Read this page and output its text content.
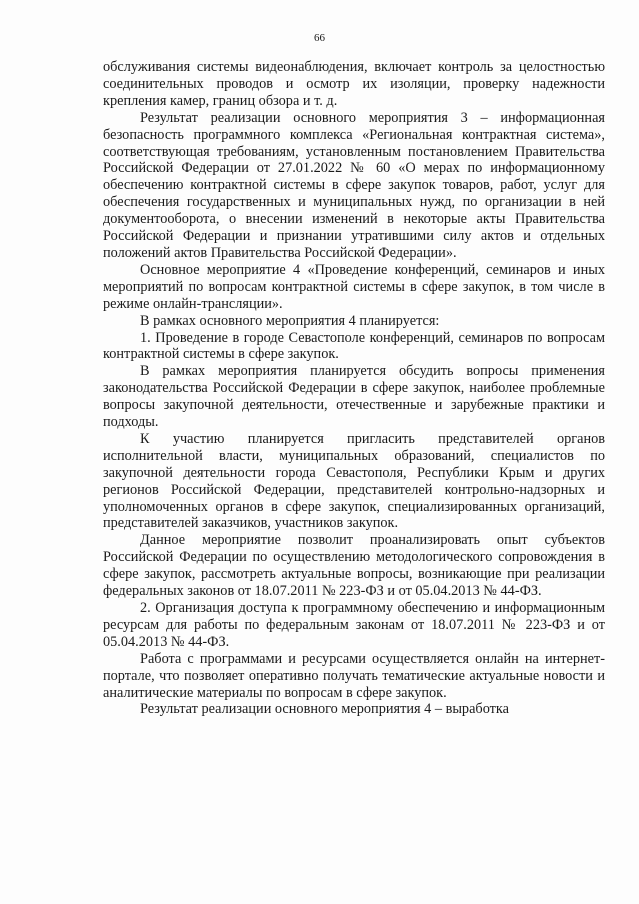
66

обслуживания системы видеонаблюдения, включает контроль за целостностью соединительных проводов и осмотр их изоляции, проверку надежности крепления камер, границ обзора и т. д.

Результат реализации основного мероприятия 3 – информационная безопасность программного комплекса «Региональная контрактная система», соответствующая требованиям, установленным постановлением Правительства Российской Федерации от 27.01.2022 № 60 «О мерах по информационному обеспечению контрактной системы в сфере закупок товаров, работ, услуг для обеспечения государственных и муниципальных нужд, по организации в ней документооборота, о внесении изменений в некоторые акты Правительства Российской Федерации и признании утратившими силу актов и отдельных положений актов Правительства Российской Федерации».

Основное мероприятие 4 «Проведение конференций, семинаров и иных мероприятий по вопросам контрактной системы в сфере закупок, в том числе в режиме онлайн-трансляции».

В рамках основного мероприятия 4 планируется:

1. Проведение в городе Севастополе конференций, семинаров по вопросам контрактной системы в сфере закупок.

В рамках мероприятия планируется обсудить вопросы применения законодательства Российской Федерации в сфере закупок, наиболее проблемные вопросы закупочной деятельности, отечественные и зарубежные практики и подходы.

К участию планируется пригласить представителей органов исполнительной власти, муниципальных образований, специалистов по закупочной деятельности города Севастополя, Республики Крым и других регионов Российской Федерации, представителей контрольно-надзорных и уполномоченных органов в сфере закупок, специализированных организаций, представителей заказчиков, участников закупок.

Данное мероприятие позволит проанализировать опыт субъектов Российской Федерации по осуществлению методологического сопровождения в сфере закупок, рассмотреть актуальные вопросы, возникающие при реализации федеральных законов от 18.07.2011 № 223-ФЗ и от 05.04.2013 № 44-ФЗ.

2. Организация доступа к программному обеспечению и информационным ресурсам для работы по федеральным законам от 18.07.2011 № 223-ФЗ и от 05.04.2013 № 44-ФЗ.

Работа с программами и ресурсами осуществляется онлайн на интернет-портале, что позволяет оперативно получать тематические актуальные новости и аналитические материалы по вопросам в сфере закупок.

Результат реализации основного мероприятия 4 – выработка
